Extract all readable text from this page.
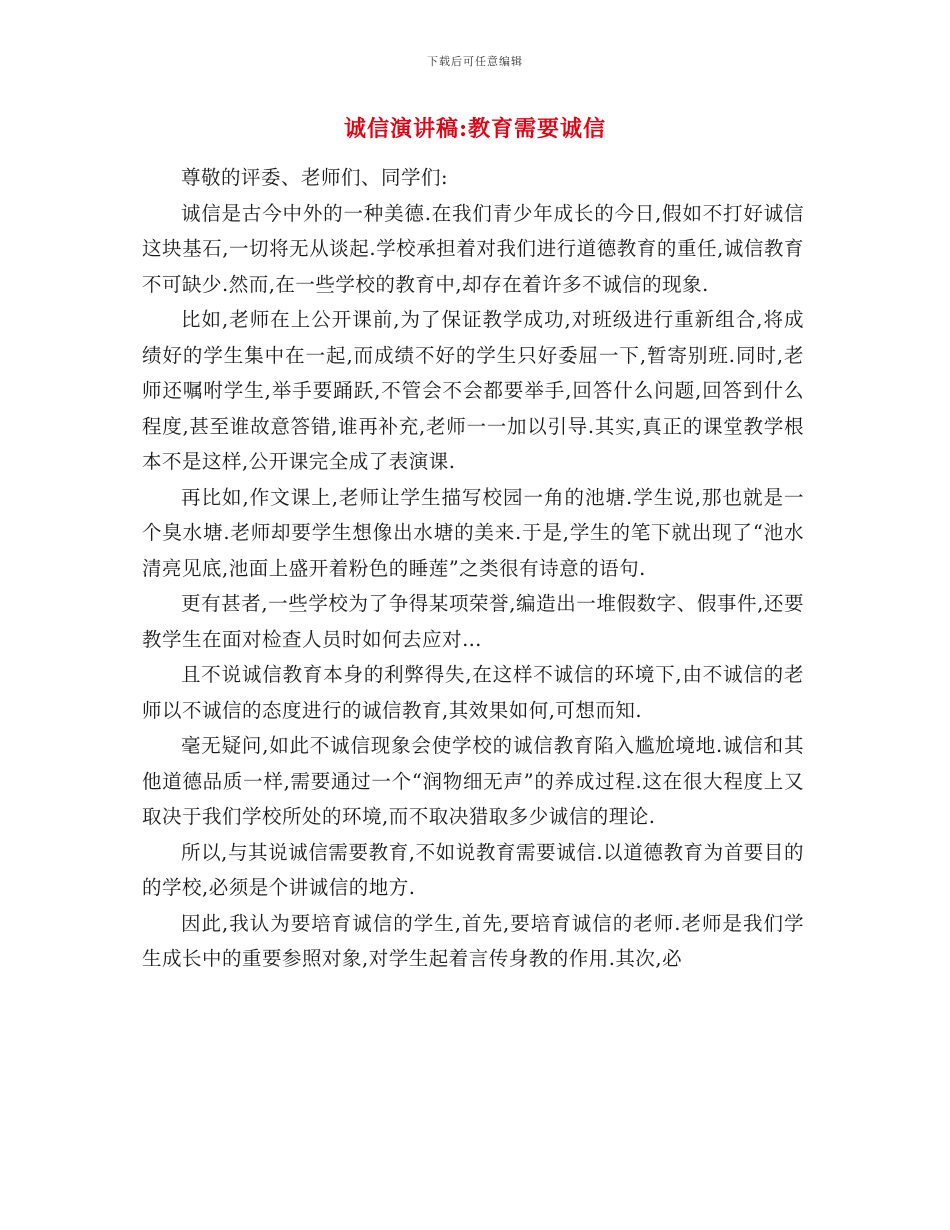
下载后可任意编辑
诚信演讲稿:教育需要诚信

尊敬的评委、老师们、同学们:

诚信是古今中外的一种美德.在我们青少年成长的今日,假如不打好诚信这块基石,一切将无从谈起.学校承担着对我们进行道德教育的重任,诚信教育不可缺少.然而,在一些学校的教育中,却存在着许多不诚信的现象.

比如,老师在上公开课前,为了保证教学成功,对班级进行重新组合,将成绩好的学生集中在一起,而成绩不好的学生只好委屈一下,暂寄别班.同时,老师还嘱咐学生,举手要踊跃,不管会不会都要举手,回答什么问题,回答到什么程度,甚至谁故意答错,谁再补充,老师一一加以引导.其实,真正的课堂教学根本不是这样,公开课完全成了表演课.

再比如,作文课上,老师让学生描写校园一角的池塘.学生说,那也就是一个臭水塘.老师却要学生想像出水塘的美来.于是,学生的笔下就出现了“池水清亮见底,池面上盛开着粉色的睡莲”之类很有诗意的语句.

更有甚者,一些学校为了争得某项荣誉,编造出一堆假数字、假事件,还要教学生在面对检查人员时如何去应对…

且不说诚信教育本身的利弊得失,在这样不诚信的环境下,由不诚信的老师以不诚信的态度进行的诚信教育,其效果如何,可想而知.

毫无疑问,如此不诚信现象会使学校的诚信教育陷入尴尬境地.诚信和其他道德品质一样,需要通过一个“润物细无声”的养成过程.这在很大程度上又取决于我们学校所处的环境,而不取决猎取多少诚信的理论.

所以,与其说诚信需要教育,不如说教育需要诚信.以道德教育为首要目的的学校,必须是个讲诚信的地方.

因此,我认为要培育诚信的学生,首先,要培育诚信的老师.老师是我们学生成长中的重要参照对象,对学生起着言传身教的作用.其次,必
